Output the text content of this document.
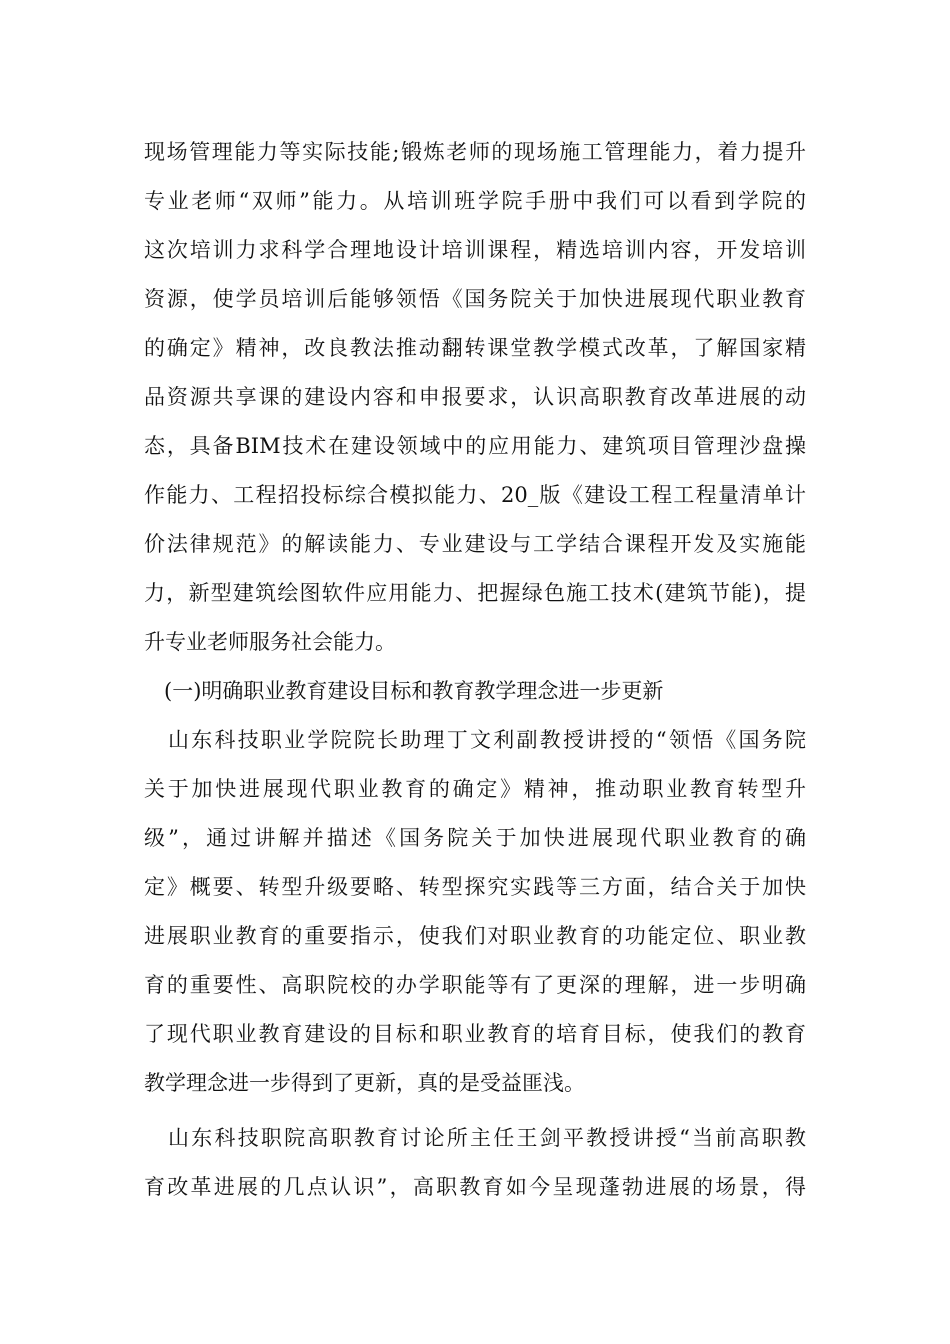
现场管理能力等实际技能;锻炼老师的现场施工管理能力，着力提升
专业老师“双师”能力。从培训班学院手册中我们可以看到学院的
这次培训力求科学合理地设计培训课程，精选培训内容，开发培训
资源，使学员培训后能够领悟《国务院关于加快进展现代职业教育
的确定》精神，改良教法推动翻转课堂教学模式改革，了解国家精
品资源共享课的建设内容和申报要求，认识高职教育改革进展的动
态，具备BIM技术在建设领域中的应用能力、建筑项目管理沙盘操
作能力、工程招投标综合模拟能力、20_版《建设工程工程量清单计
价法律规范》的解读能力、专业建设与工学结合课程开发及实施能
力，新型建筑绘图软件应用能力、把握绿色施工技术(建筑节能)，提
升专业老师服务社会能力。

(一)明确职业教育建设目标和教育教学理念进一步更新

山东科技职业学院院长助理丁文利副教授讲授的“领悟《国务院
关于加快进展现代职业教育的确定》精神，推动职业教育转型升
级”，通过讲解并描述《国务院关于加快进展现代职业教育的确
定》概要、转型升级要略、转型探究实践等三方面，结合关于加快
进展职业教育的重要指示，使我们对职业教育的功能定位、职业教
育的重要性、高职院校的办学职能等有了更深的理解，进一步明确
了现代职业教育建设的目标和职业教育的培育目标，使我们的教育
教学理念进一步得到了更新，真的是受益匪浅。

山东科技职院高职教育讨论所主任王剑平教授讲授“当前高职教
育改革进展的几点认识”，高职教育如今呈现蓬勃进展的场景，得
